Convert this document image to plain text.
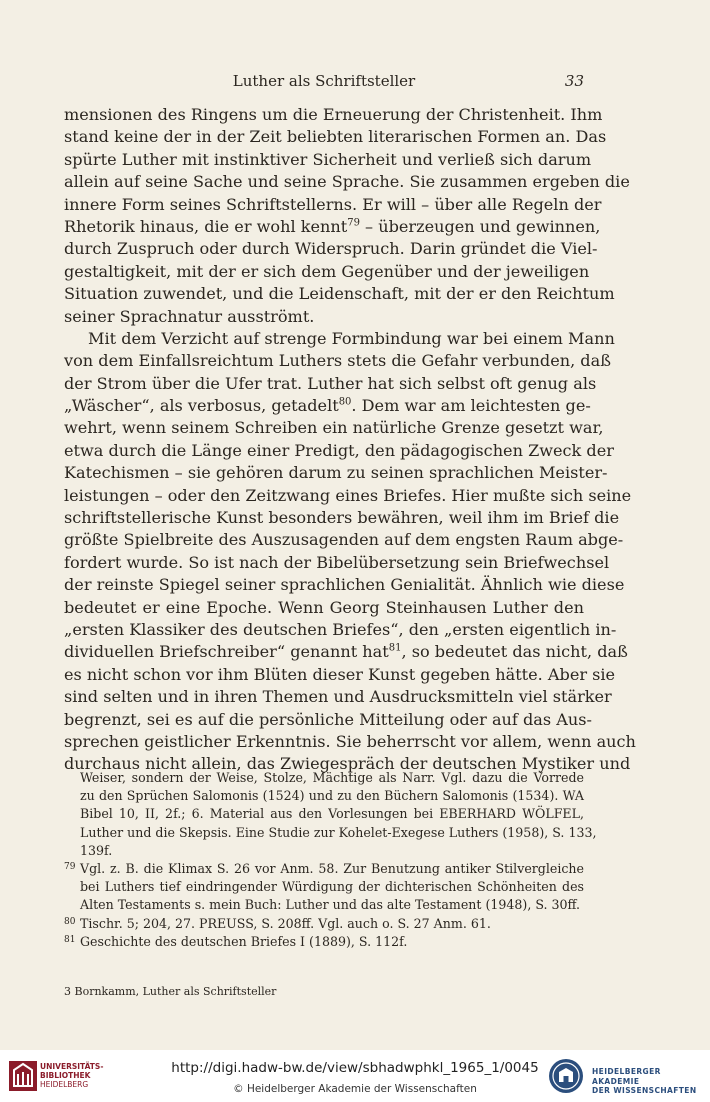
Luther als Schriftsteller	33
mensionen des Ringens um die Erneuerung der Christenheit. Ihm
stand keine der in der Zeit beliebten literarischen Formen an. Das
spürte Luther mit instinktiver Sicherheit und verließ sich darum
allein auf seine Sache und seine Sprache. Sie zusammen ergeben die
innere Form seines Schriftstellerns. Er will – über alle Regeln der
Rhetorik hinaus, die er wohl kennt$^{79}$ – überzeugen und gewinnen,
durch Zuspruch oder durch Widerspruch. Darin gründet die Viel-
gestaltigkeit, mit der er sich dem Gegenüber und der jeweiligen
Situation zuwendet, und die Leidenschaft, mit der er den Reichtum
seiner Sprachnatur ausströmt.
Mit dem Verzicht auf strenge Formbindung war bei einem Mann
von dem Einfallsreichtum Luthers stets die Gefahr verbunden, daß
der Strom über die Ufer trat. Luther hat sich selbst oft genug als
„Wäscher“, als verbosus, getadelt$^{80}$. Dem war am leichtesten ge-
wehrt, wenn seinem Schreiben ein natürliche Grenze gesetzt war,
etwa durch die Länge einer Predigt, den pädagogischen Zweck der
Katechismen – sie gehören darum zu seinen sprachlichen Meister-
leistungen – oder den Zeitzwang eines Briefes. Hier mußte sich seine
schriftstellerische Kunst besonders bewähren, weil ihm im Brief die
größte Spielbreite des Auszusagenden auf dem engsten Raum abge-
fordert wurde. So ist nach der Bibelübersetzung sein Briefwechsel
der reinste Spiegel seiner sprachlichen Genialität. Ähnlich wie diese
bedeutet er eine Epoche. Wenn Georg Steinhausen Luther den
„ersten Klassiker des deutschen Briefes“, den „ersten eigentlich in-
dividuellen Briefschreiber“ genannt hat$^{81}$, so bedeutet das nicht, daß
es nicht schon vor ihm Blüten dieser Kunst gegeben hätte. Aber sie
sind selten und in ihren Themen und Ausdrucksmitteln viel stärker
begrenzt, sei es auf die persönliche Mitteilung oder auf das Aus-
sprechen geistlicher Erkenntnis. Sie beherrscht vor allem, wenn auch
durchaus nicht allein, das Zwiegespräch der deutschen Mystiker und
Weiser, sondern der Weise, Stolze, Mächtige als Narr. Vgl. dazu die Vorrede
zu den Sprüchen Salomonis (1524) und zu den Büchern Salomonis (1534). WA
Bibel 10, II, 2f.; 6. Material aus den Vorlesungen bei EBERHARD WÖLFEL,
Luther und die Skepsis. Eine Studie zur Kohelet-Exegese Luthers (1958), S. 133,
139f.
79 Vgl. z. B. die Klimax S. 26 vor Anm. 58. Zur Benutzung antiker Stilvergleiche
bei Luthers tief eindringender Würdigung der dichterischen Schönheiten des
Alten Testaments s. mein Buch: Luther und das alte Testament (1948), S. 30ff.
80 Tischr. 5; 204, 27. PREUSS, S. 208ff. Vgl. auch o. S. 27 Anm. 61.
81 Geschichte des deutschen Briefes I (1889), S. 112f.
3 Bornkamm, Luther als Schriftsteller
UNIVERSITÄTS-
BIBLIOTHEK
HEIDELBERG
http://digi.hadw-bw.de/view/sbhadwphkl_1965_1/0045
© Heidelberger Akademie der Wissenschaften
HEIDELBERGER AKADEMIE
DER WISSENSCHAFTEN
